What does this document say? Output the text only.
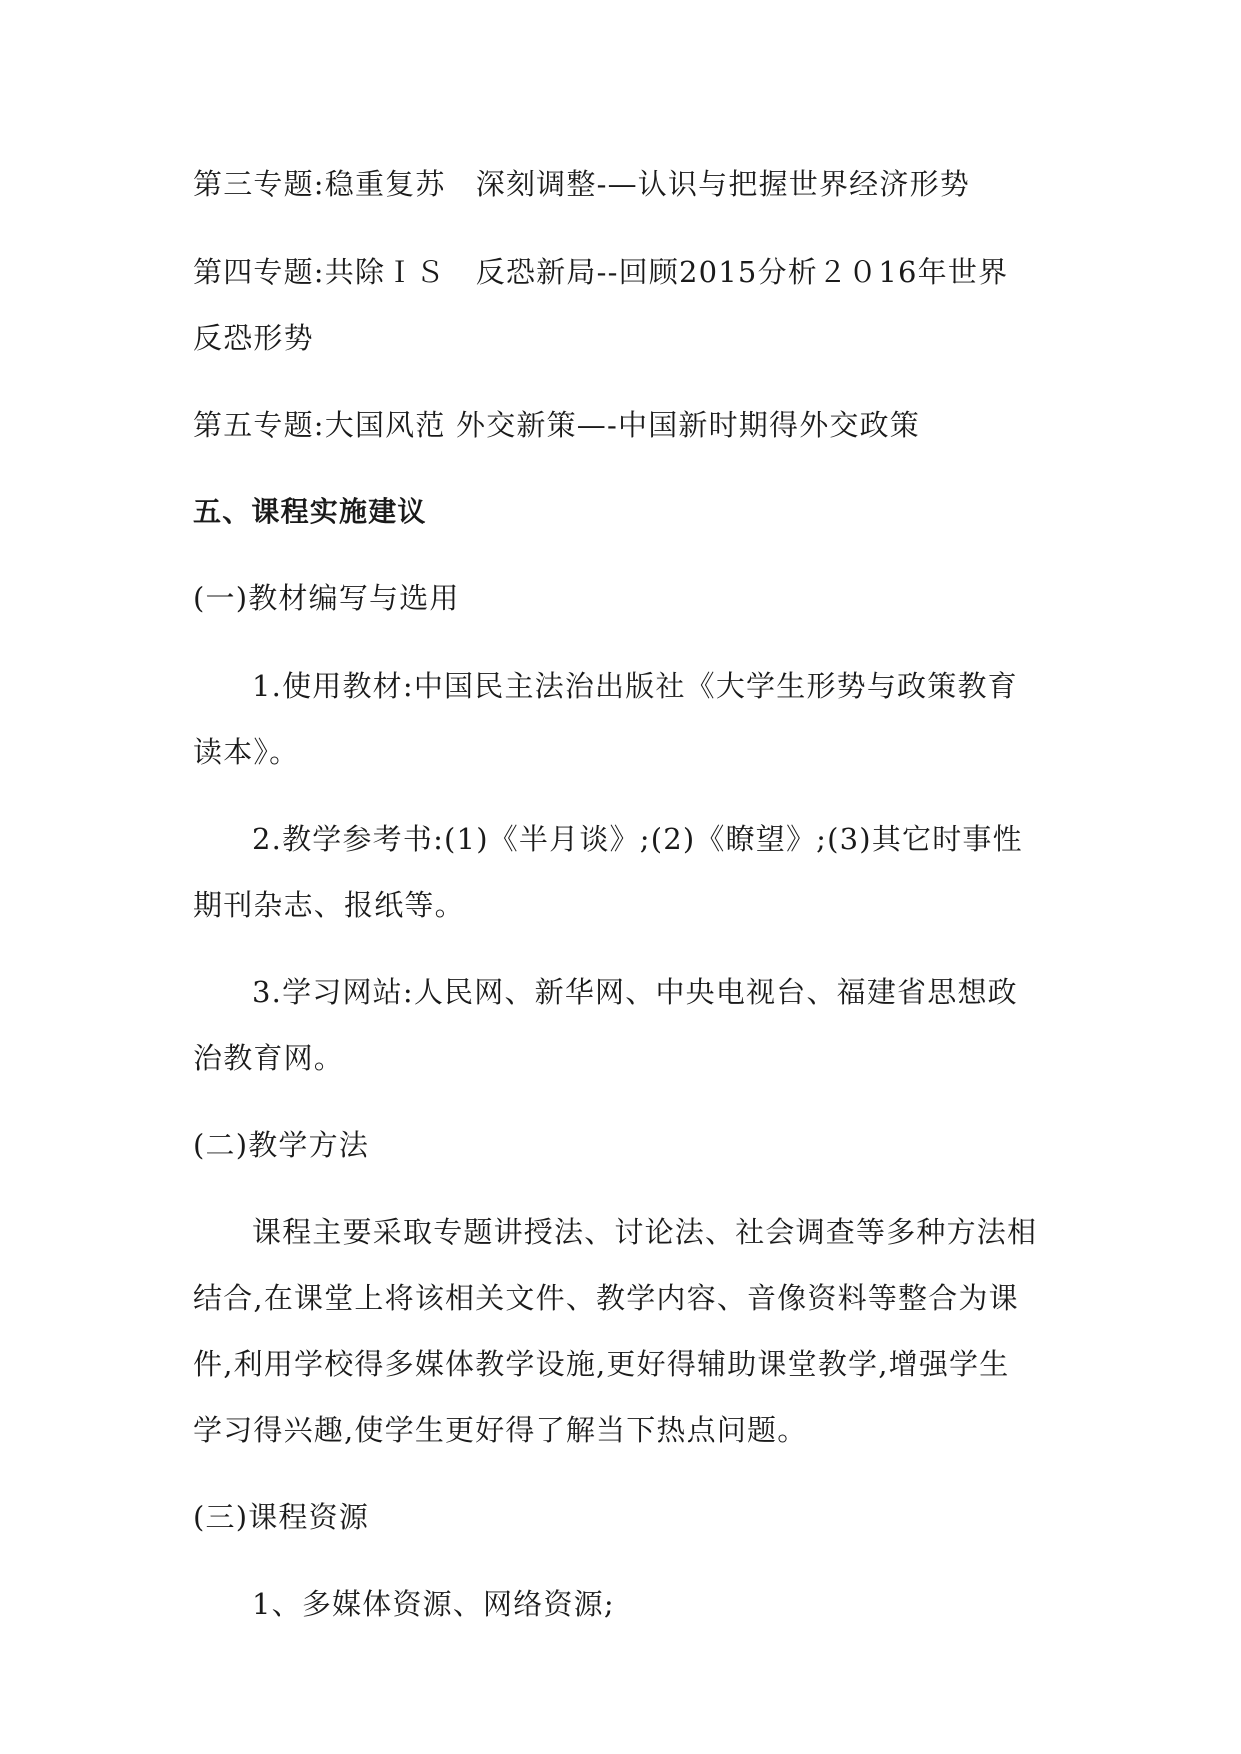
第三专题:稳重复苏　深刻调整-—认识与把握世界经济形势

第四专题:共除ＩＳ　反恐新局--回顾2015分析２０16年世界

反恐形势

第五专题:大国风范 外交新策—-中国新时期得外交政策

五、课程实施建议

(一)教材编写与选用

1.使用教材:中国民主法治出版社《大学生形势与政策教育

读本》。

2.教学参考书:(1)《半月谈》;(2)《瞭望》;(3)其它时事性

期刊杂志、报纸等。

3.学习网站:人民网、新华网、中央电视台、福建省思想政

治教育网。

(二)教学方法

课程主要采取专题讲授法、讨论法、社会调查等多种方法相

结合,在课堂上将该相关文件、教学内容、音像资料等整合为课

件,利用学校得多媒体教学设施,更好得辅助课堂教学,增强学生

学习得兴趣,使学生更好得了解当下热点问题。

(三)课程资源

1、多媒体资源、网络资源;
